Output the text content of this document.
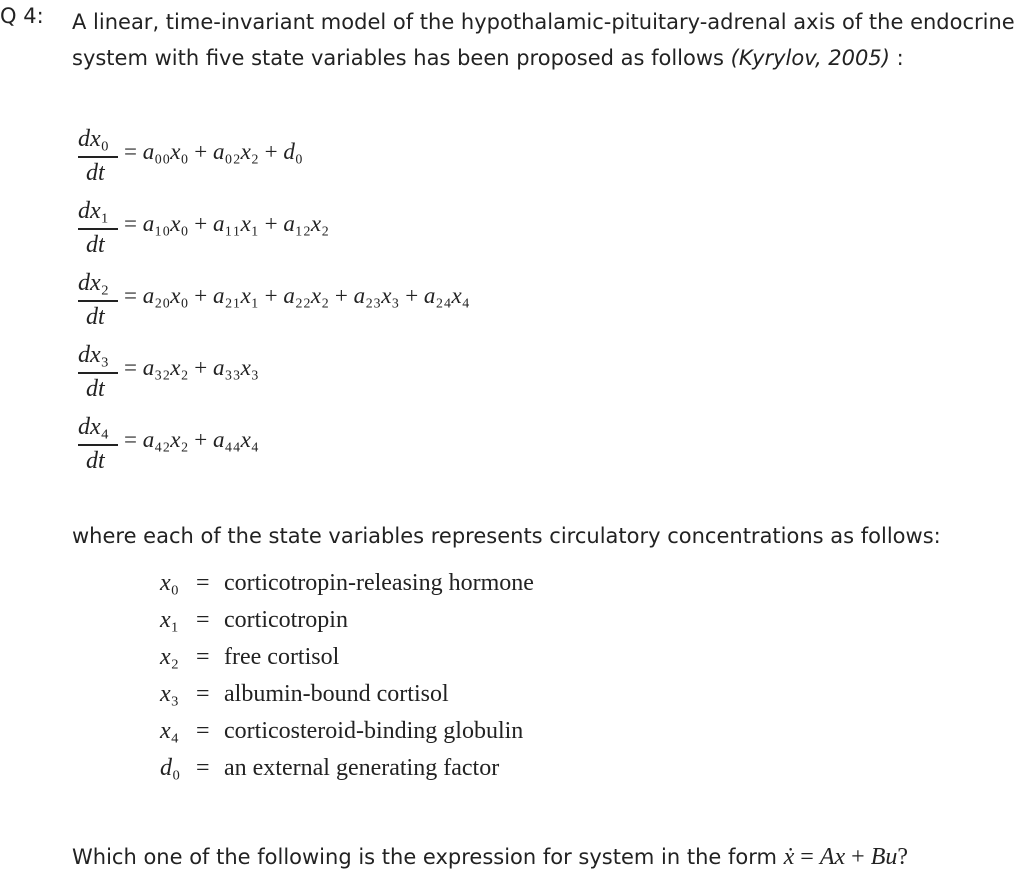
Q 4: A linear, time-invariant model of the hypothalamic-pituitary-adrenal axis of the endocrine system with five state variables has been proposed as follows (Kyrylov, 2005) :
dx₀
dt
= a₀₀x₀ + a₀₂x₂ + d₀
dx₁
dt
= a₁₀x₀ + a₁₁x₁ + a₁₂x₂
dx₂
dt
= a₂₀x₀ + a₂₁x₁ + a₂₂x₂ + a₂₃x₃ + a₂₄x₄
dx₃
dt
= a₃₂x₂ + a₃₃x₃
dx₄
dt
= a₄₂x₂ + a₄₄x₄
where each of the state variables represents circulatory concentrations as follows:
x₀ = corticotropin-releasing hormone
x₁ = corticotropin
x₂ = free cortisol
x₃ = albumin-bound cortisol
x₄ = corticosteroid-binding globulin
d₀ = an external generating factor
Which one of the following is the expression for system in the form ẋ = Ax + Bu?
